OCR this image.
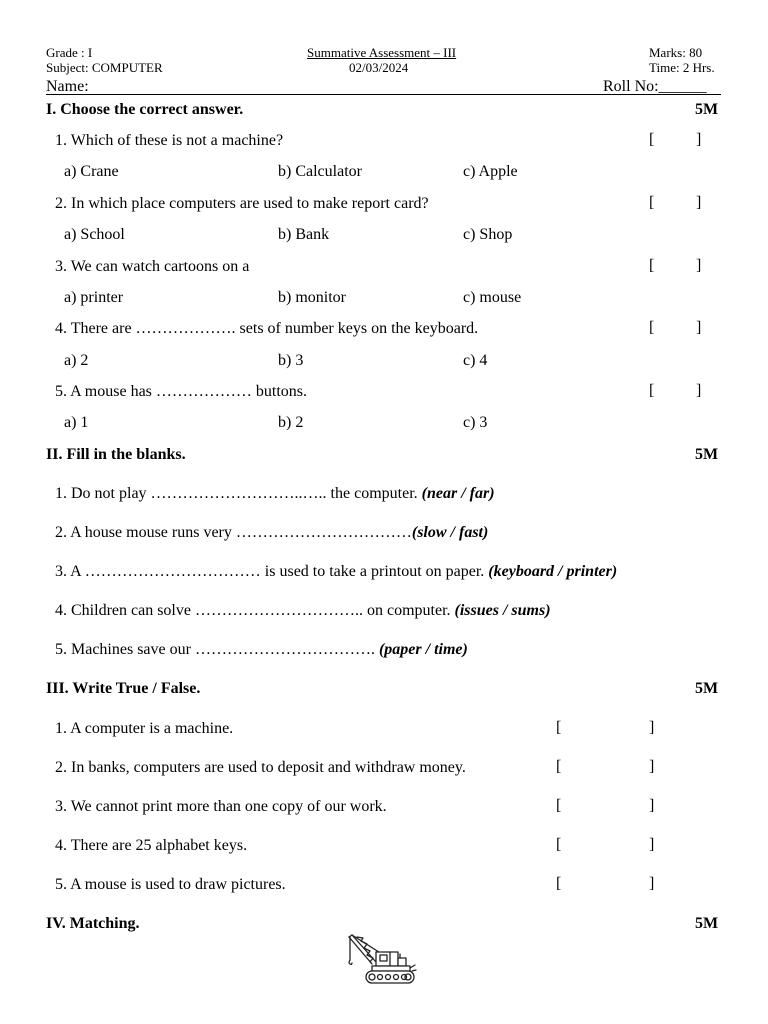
Grade : I
Subject: COMPUTER
Summative Assessment – III
02/03/2024
Marks: 80
Time: 2 Hrs.
Name:	Roll No:______
I. Choose the correct answer.	5M
1. Which of these is not a machine?	[	]
a) Crane	b) Calculator	c) Apple
2. In which place computers are used to make report card?	[	]
a) School	b) Bank	c) Shop
3. We can watch cartoons on a	[	]
a) printer	b) monitor	c) mouse
4. There are ………………. sets of number keys on the keyboard.	[	]
a) 2	b) 3	c) 4
5. A mouse has ……………… buttons.	[	]
a) 1	b) 2	c) 3
II. Fill in the blanks.	5M
1. Do not play ………………………..….. the computer. (near / far)
2. A house mouse runs very ……………………………(slow / fast)
3. A …………………………… is used to take a printout on paper. (keyboard / printer)
4. Children can solve ………………………….. on computer. (issues / sums)
5. Machines save our ……………………………. (paper / time)
III. Write True / False.	5M
1. A computer is a machine.	[	]
2. In banks, computers are used to deposit and withdraw money.	[	]
3. We cannot print more than one copy of our work.	[	]
4. There are 25 alphabet keys.	[	]
5. A mouse is used to draw pictures.	[	]
IV. Matching.	5M
